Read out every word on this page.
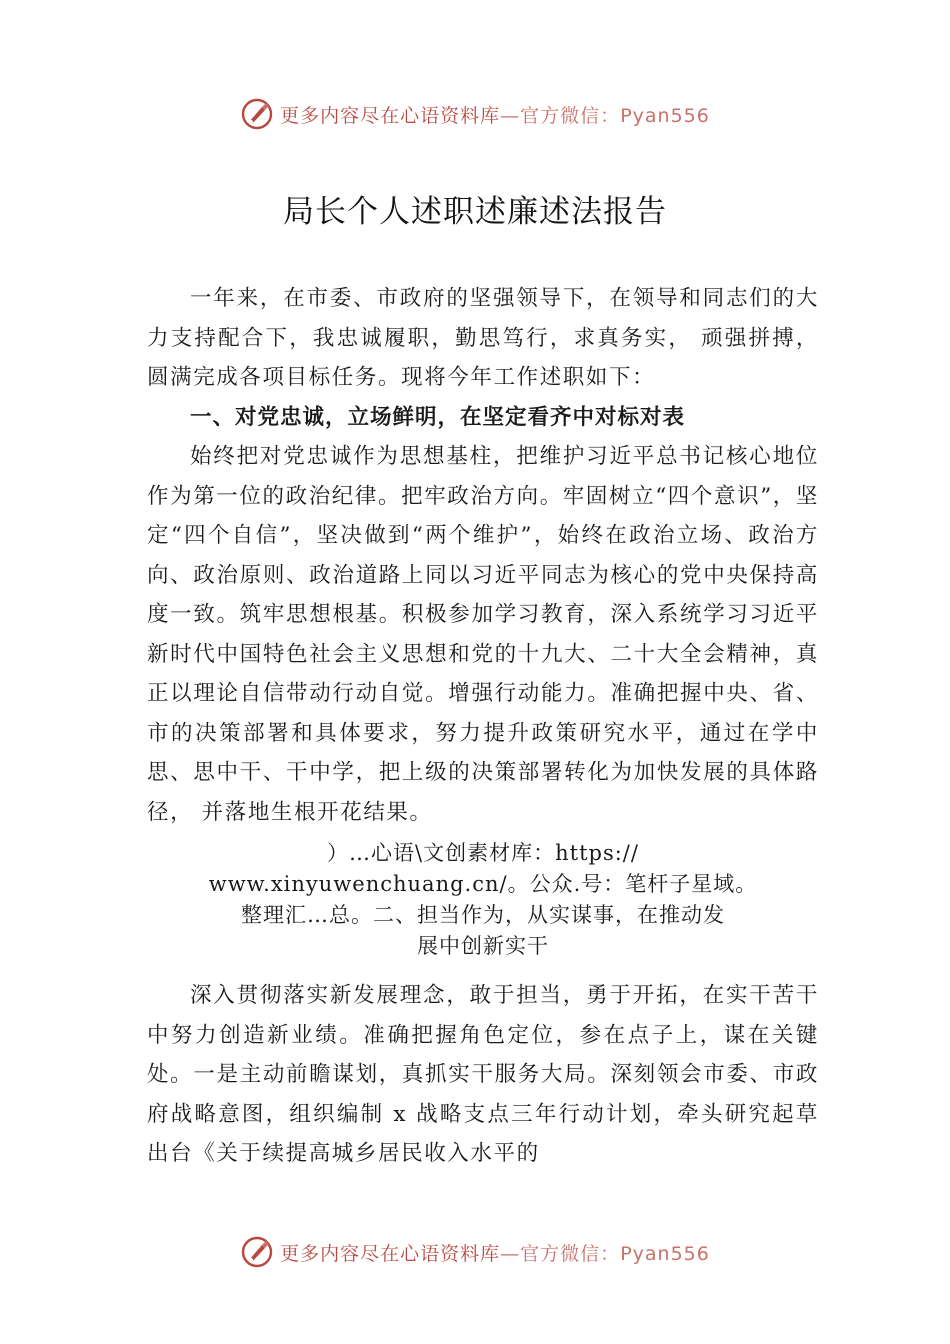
更多内容尽在心语资料库—官方微信：Pyan556
局长个人述职述廉述法报告

一年来，在市委、市政府的坚强领导下，在领导和同志们的大力支持配合下，我忠诚履职，勤思笃行，求真务实， 顽强拼搏，圆满完成各项目标任务。现将今年工作述职如下：

一、对党忠诚，立场鲜明，在坚定看齐中对标对表

始终把对党忠诚作为思想基柱，把维护习近平总书记核心地位作为第一位的政治纪律。把牢政治方向。牢固树立“四个意识”，坚定“四个自信”，坚决做到“两个维护”，始终在政治立场、政治方向、政治原则、政治道路上同以习近平同志为核心的党中央保持高度一致。筑牢思想根基。积极参加学习教育，深入系统学习习近平新时代中国特色社会主义思想和党的十九大、二十大全会精神，真正以理论自信带动行动自觉。增强行动能力。准确把握中央、省、市的决策部署和具体要求，努力提升政策研究水平，通过在学中思、思中干、干中学，把上级的决策部署转化为加快发展的具体路径， 并落地生根开花结果。

）…心语\文创素材库：https://
www.xinyuwenchuang.cn/。公众.号：笔杆子星域。
整理汇…总。二、担当作为，从实谋事，在推动发
展中创新实干

深入贯彻落实新发展理念，敢于担当，勇于开拓，在实干苦干中努力创造新业绩。准确把握角色定位，参在点子上，谋在关键处。一是主动前瞻谋划，真抓实干服务大局。深刻领会市委、市政府战略意图，组织编制 x 战略支点三年行动计划，牵头研究起草出台《关于续提高城乡居民收入水平的

更多内容尽在心语资料库—官方微信：Pyan556
